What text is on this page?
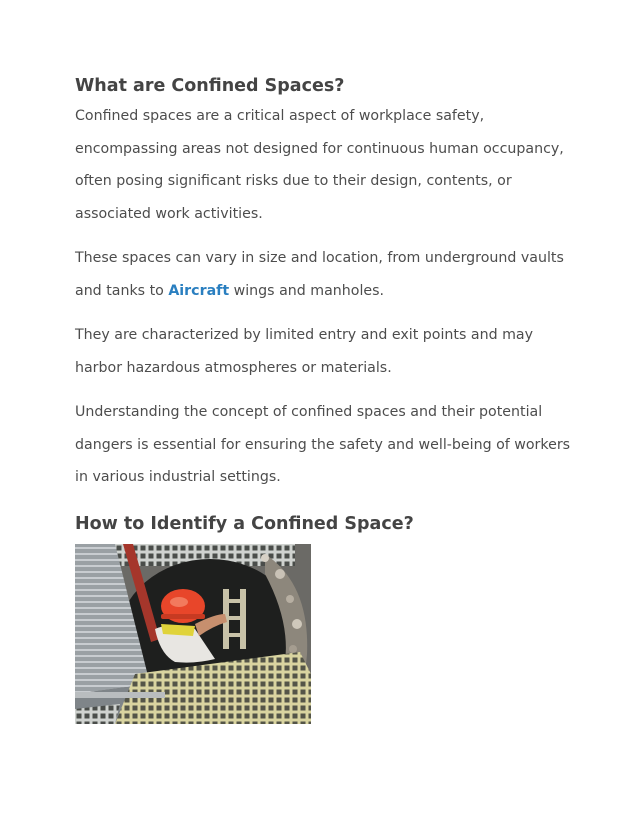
What are Confined Spaces?

Confined spaces are a critical aspect of workplace safety, encompassing areas not designed for continuous human occupancy, often posing significant risks due to their design, contents, or associated work activities.

These spaces can vary in size and location, from underground vaults and tanks to Aircraft wings and manholes.

They are characterized by limited entry and exit points and may harbor hazardous atmospheres or materials.

Understanding the concept of confined spaces and their potential dangers is essential for ensuring the safety and well-being of workers in various industrial settings.

How to Identify a Confined Space?
